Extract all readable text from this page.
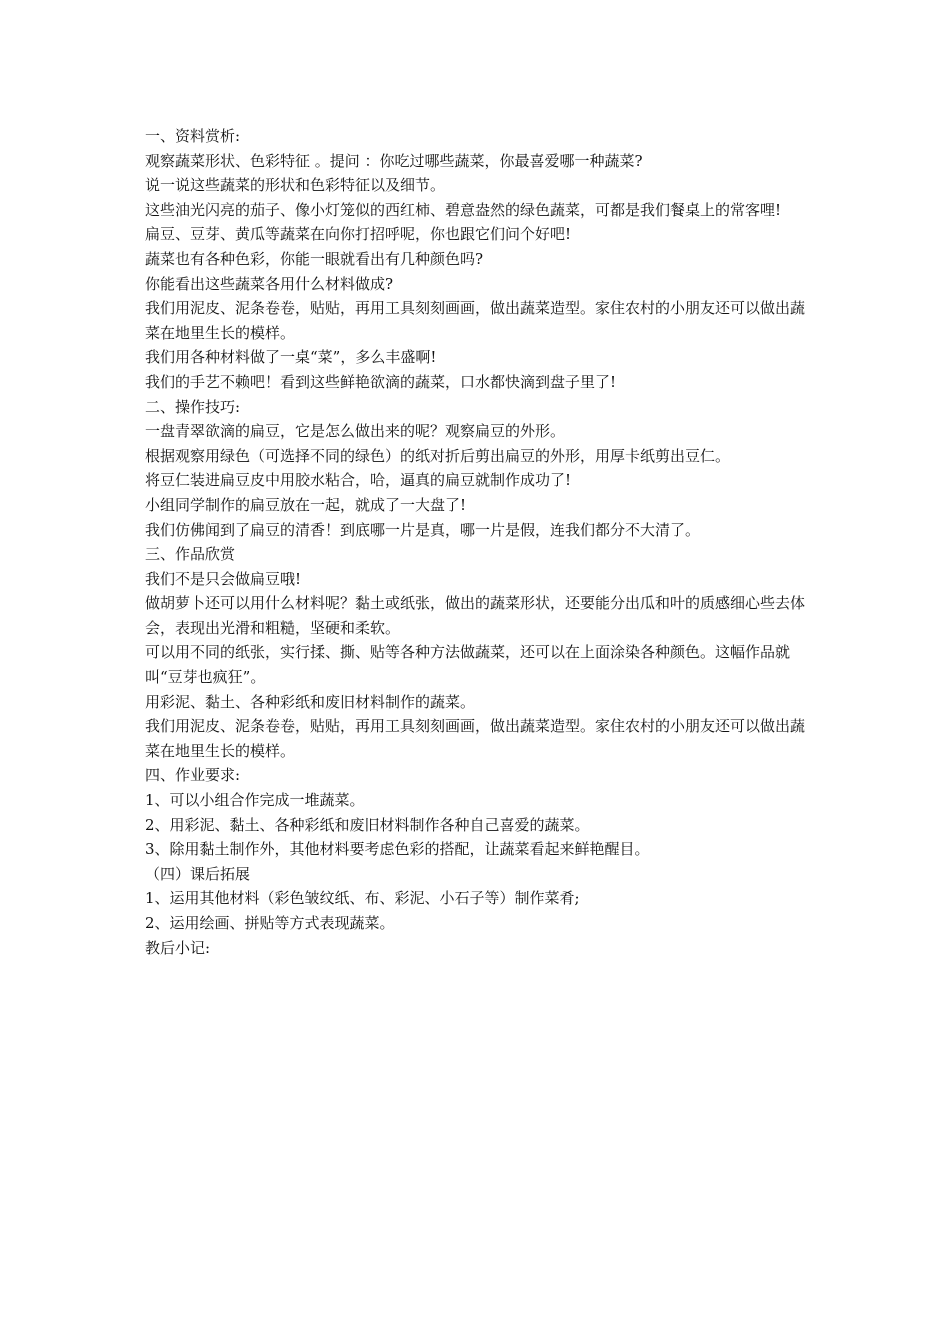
一、资料赏析:

观察蔬菜形状、色彩特征 。提问 ：你吃过哪些蔬菜，你最喜爱哪一种蔬菜?

说一说这些蔬菜的形状和色彩特征以及细节。

这些油光闪亮的茄子、像小灯笼似的西红柿、碧意盎然的绿色蔬菜，可都是我们餐桌上的常客哩!

扁豆、豆芽、黄瓜等蔬菜在向你打招呼呢，你也跟它们问个好吧!

蔬菜也有各种色彩，你能一眼就看出有几种颜色吗?

你能看出这些蔬菜各用什么材料做成?

我们用泥皮、泥条卷卷，贴贴，再用工具刻刻画画，做出蔬菜造型。家住农村的小朋友还可以做出蔬菜在地里生长的模样。

我们用各种材料做了一桌“菜”，多么丰盛啊!

我们的手艺不赖吧！看到这些鲜艳欲滴的蔬菜，口水都快滴到盘子里了!

二、操作技巧:

一盘青翠欲滴的扁豆，它是怎么做出来的呢？观察扁豆的外形。

根据观察用绿色（可选择不同的绿色）的纸对折后剪出扁豆的外形，用厚卡纸剪出豆仁。

将豆仁装进扁豆皮中用胶水粘合，哈，逼真的扁豆就制作成功了!

小组同学制作的扁豆放在一起，就成了一大盘了!

我们仿佛闻到了扁豆的清香！到底哪一片是真，哪一片是假，连我们都分不大清了。

三、作品欣赏

我们不是只会做扁豆哦!

做胡萝卜还可以用什么材料呢？黏土或纸张，做出的蔬菜形状，还要能分出瓜和叶的质感细心些去体会，表现出光滑和粗糙，坚硬和柔软。

可以用不同的纸张，实行揉、撕、贴等各种方法做蔬菜，还可以在上面涂染各种颜色。这幅作品就叫“豆芽也疯狂”。

用彩泥、黏土、各种彩纸和废旧材料制作的蔬菜。

我们用泥皮、泥条卷卷，贴贴，再用工具刻刻画画，做出蔬菜造型。家住农村的小朋友还可以做出蔬菜在地里生长的模样。

四、作业要求:

1、可以小组合作完成一堆蔬菜。

2、用彩泥、黏土、各种彩纸和废旧材料制作各种自己喜爱的蔬菜。

3、除用黏土制作外，其他材料要考虑色彩的搭配，让蔬菜看起来鲜艳醒目。

（四）课后拓展

1、运用其他材料（彩色皱纹纸、布、彩泥、小石子等）制作菜肴;

2、运用绘画、拼贴等方式表现蔬菜。

教后小记:
